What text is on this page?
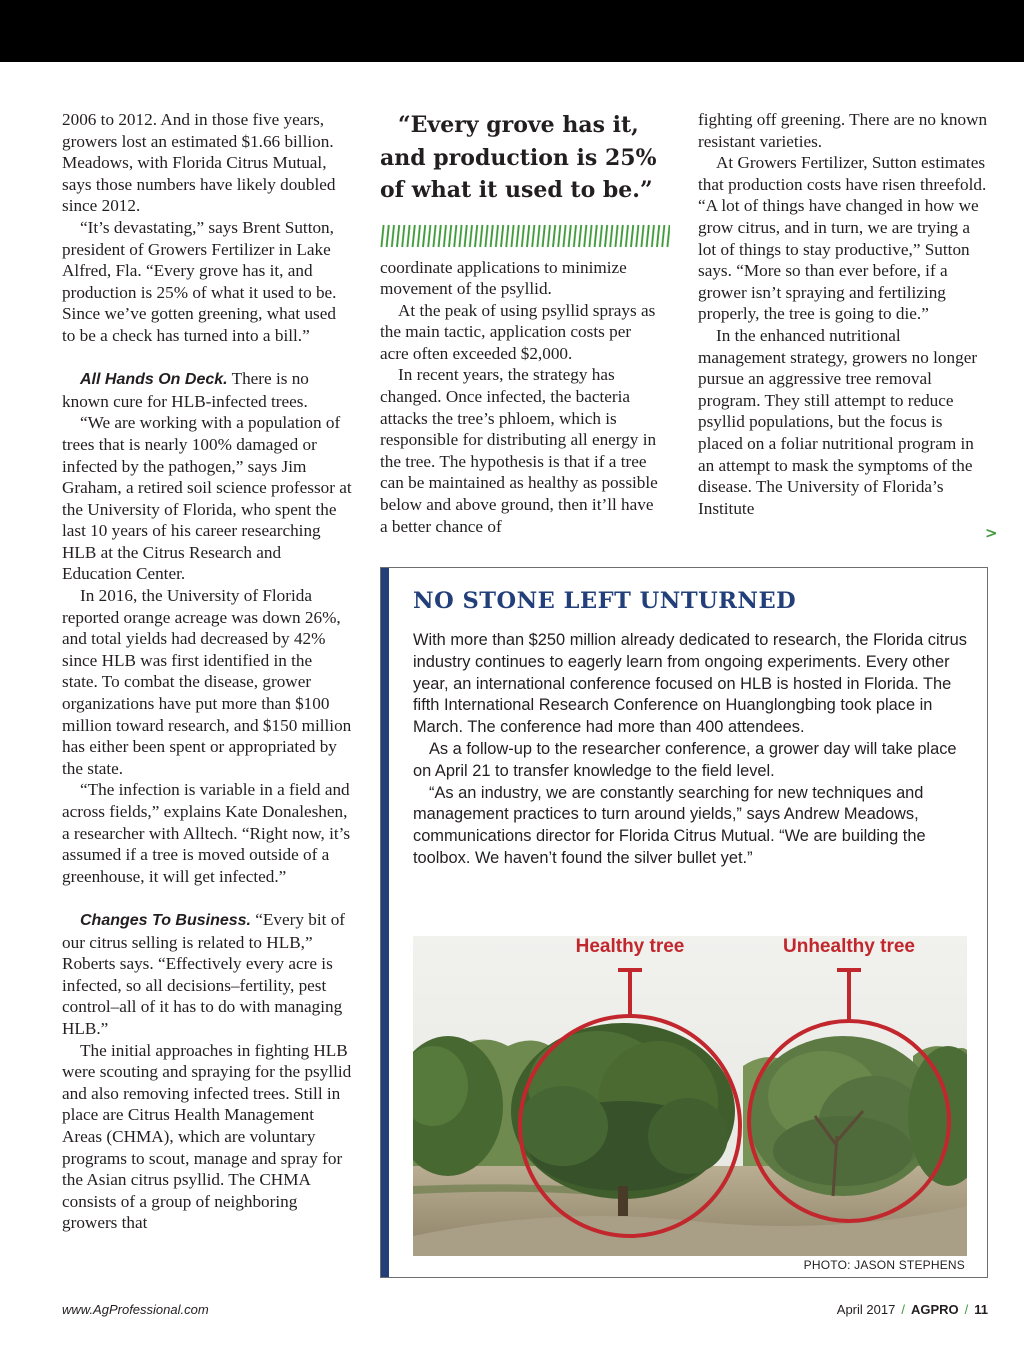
2006 to 2012. And in those five years, growers lost an estimated $1.66 billion. Meadows, with Florida Citrus Mutual, says those numbers have likely doubled since 2012.

“It’s devastating,” says Brent Sutton, president of Growers Fertilizer in Lake Alfred, Fla. “Every grove has it, and production is 25% of what it used to be. Since we’ve gotten greening, what used to be a check has turned into a bill.”

All Hands On Deck. There is no known cure for HLB-infected trees.

“We are working with a population of trees that is nearly 100% damaged or infected by the pathogen,” says Jim Graham, a retired soil science professor at the University of Florida, who spent the last 10 years of his career researching HLB at the Citrus Research and Education Center.

In 2016, the University of Florida reported orange acreage was down 26%, and total yields had decreased by 42% since HLB was first identified in the state. To combat the disease, grower organizations have put more than $100 million toward research, and $150 million has either been spent or appropriated by the state.

“The infection is variable in a field and across fields,” explains Kate Donaleshen, a researcher with Alltech. “Right now, it’s assumed if a tree is moved outside of a greenhouse, it will get infected.”

Changes To Business. “Every bit of our citrus selling is related to HLB,” Roberts says. “Effectively every acre is infected, so all decisions–fertility, pest control–all of it has to do with managing HLB.”

The initial approaches in fighting HLB were scouting and spraying for the psyllid and also removing infected trees. Still in place are Citrus Health Management Areas (CHMA), which are voluntary programs to scout, manage and spray for the Asian citrus psyllid. The CHMA consists of a group of neighboring growers that

“Every grove has it, and production is 25% of what it used to be.”

coordinate applications to minimize movement of the psyllid.

At the peak of using psyllid sprays as the main tactic, application costs per acre often exceeded $2,000.

In recent years, the strategy has changed. Once infected, the bacteria attacks the tree’s phloem, which is responsible for distributing all energy in the tree. The hypothesis is that if a tree can be maintained as healthy as possible below and above ground, then it’ll have a better chance of

fighting off greening. There are no known resistant varieties.

At Growers Fertilizer, Sutton estimates that production costs have risen threefold. “A lot of things have changed in how we grow citrus, and in turn, we are trying a lot of things to stay productive,” Sutton says. “More so than ever before, if a grower isn’t spraying and fertilizing properly, the tree is going to die.”

In the enhanced nutritional management strategy, growers no longer pursue an aggressive tree removal program. They still attempt to reduce psyllid populations, but the focus is placed on a foliar nutritional program in an attempt to mask the symptoms of the disease. The University of Florida’s Institute

>
NO STONE LEFT UNTURNED

With more than $250 million already dedicated to research, the Florida citrus industry continues to eagerly learn from ongoing experiments. Every other year, an international conference focused on HLB is hosted in Florida. The fifth International Research Conference on Huanglongbing took place in March. The conference had more than 400 attendees.

As a follow-up to the researcher conference, a grower day will take place on April 21 to transfer knowledge to the field level.

“As an industry, we are constantly searching for new techniques and management practices to turn around yields,” says Andrew Meadows, communications director for Florida Citrus Mutual. “We are building the toolbox. We haven’t found the silver bullet yet.”

Healthy tree	Unhealthy tree
PHOTO: JASON STEPHENS
www.AgProfessional.com	April 2017 / AGPRO / 11
